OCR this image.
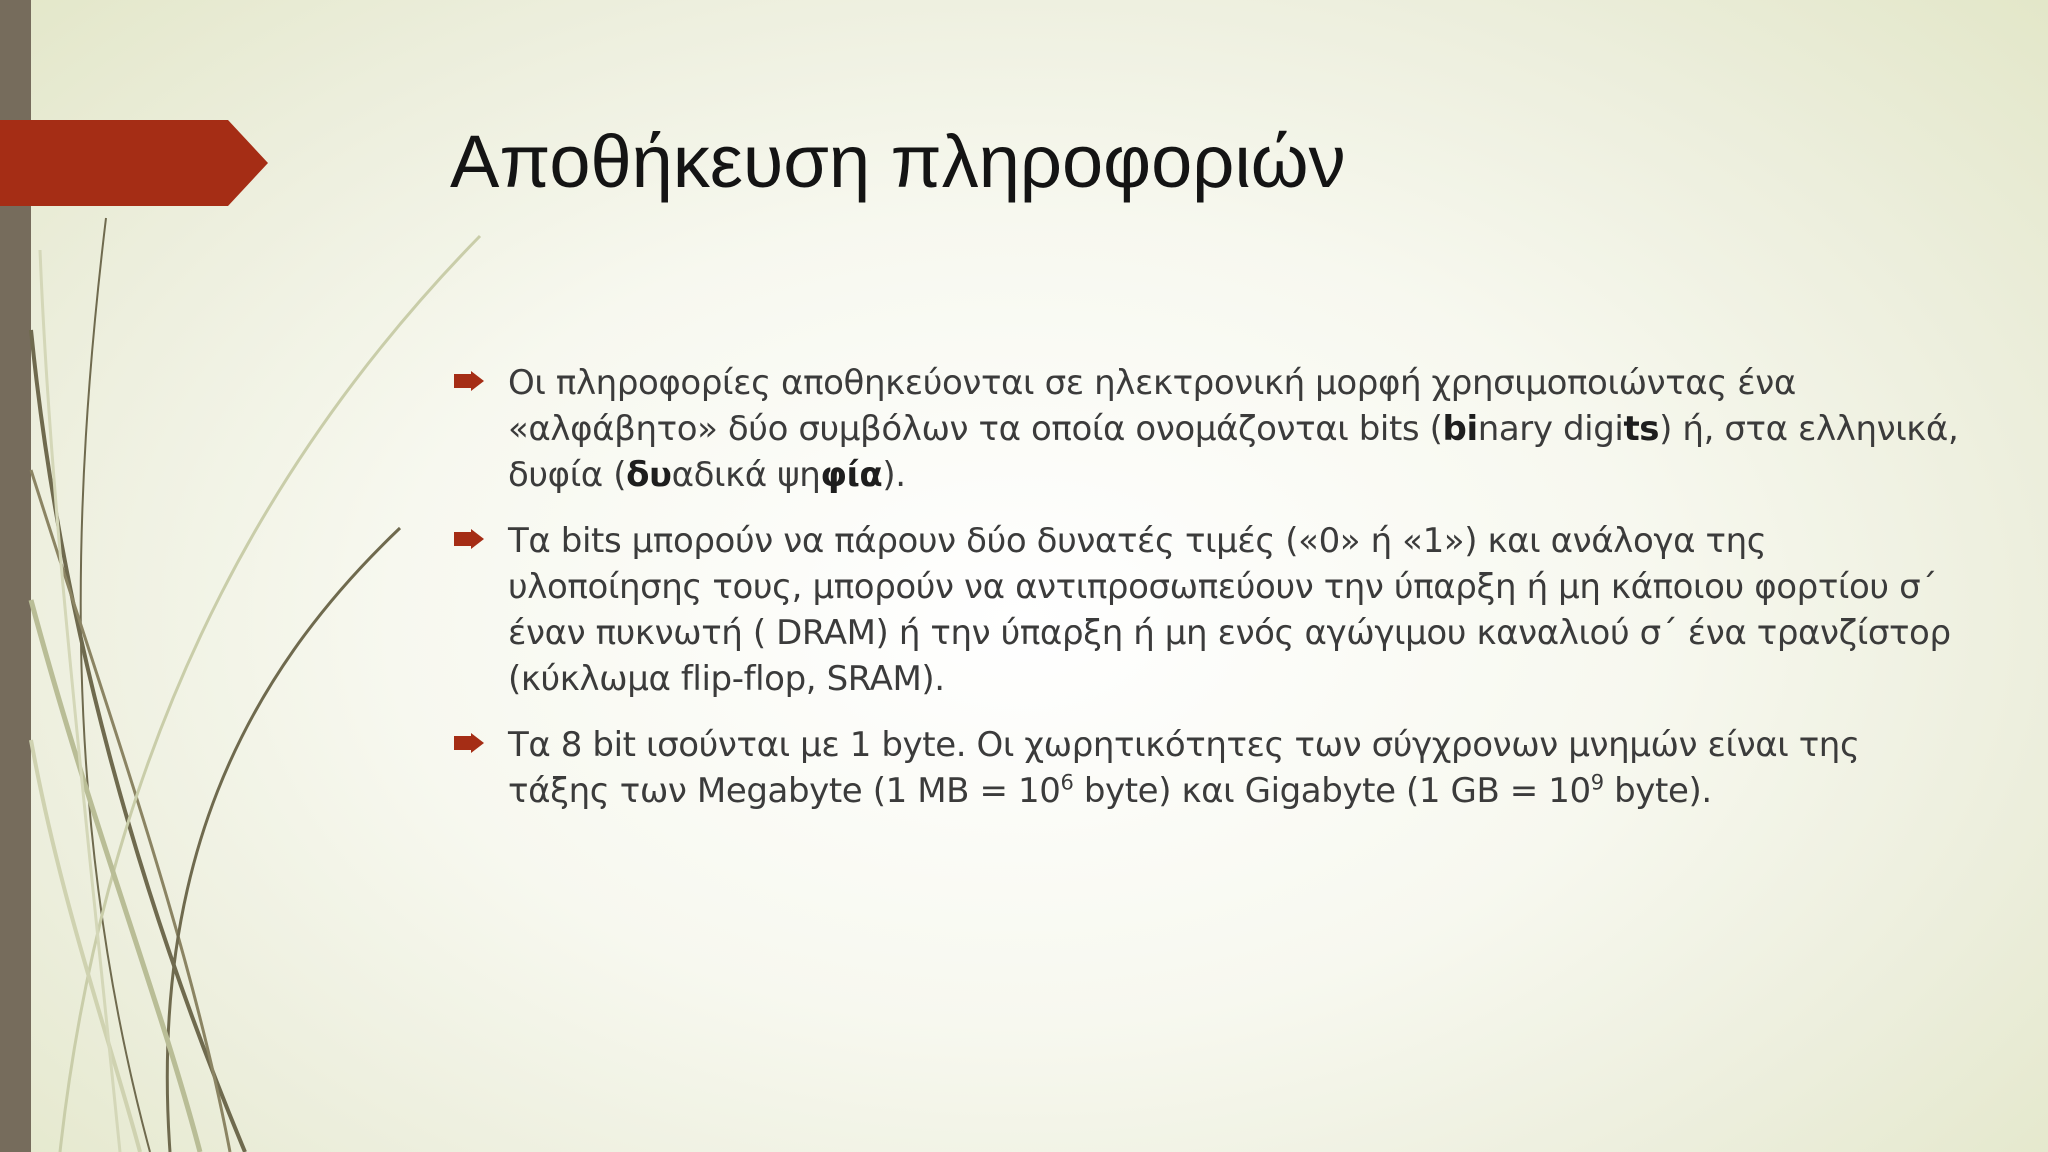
Αποθήκευση πληροφοριών
Οι πληροφορίες αποθηκεύονται σε ηλεκτρονική μορφή χρησιμοποιώντας ένα «αλφάβητο» δύο συμβόλων τα οποία ονομάζονται bits (binary digits) ή, στα ελληνικά, δυφία (δυαδικά ψηφία).
Τα bits μπορούν να πάρουν δύο δυνατές τιμές («0» ή «1») και ανάλογα της υλοποίησης τους, μπορούν να αντιπροσωπεύουν την ύπαρξη ή μη κάποιου φορτίου σ΄ έναν πυκνωτή ( DRAM) ή την ύπαρξη ή μη ενός αγώγιμου καναλιού σ΄ ένα τρανζίστορ (κύκλωμα flip-flop, SRAM).
Τα 8 bit ισούνται με 1 byte. Οι χωρητικότητες των σύγχρονων μνημών είναι της τάξης των Megabyte (1 MB = $10^6$ byte) και Gigabyte (1 GB = $10^9$ byte).
